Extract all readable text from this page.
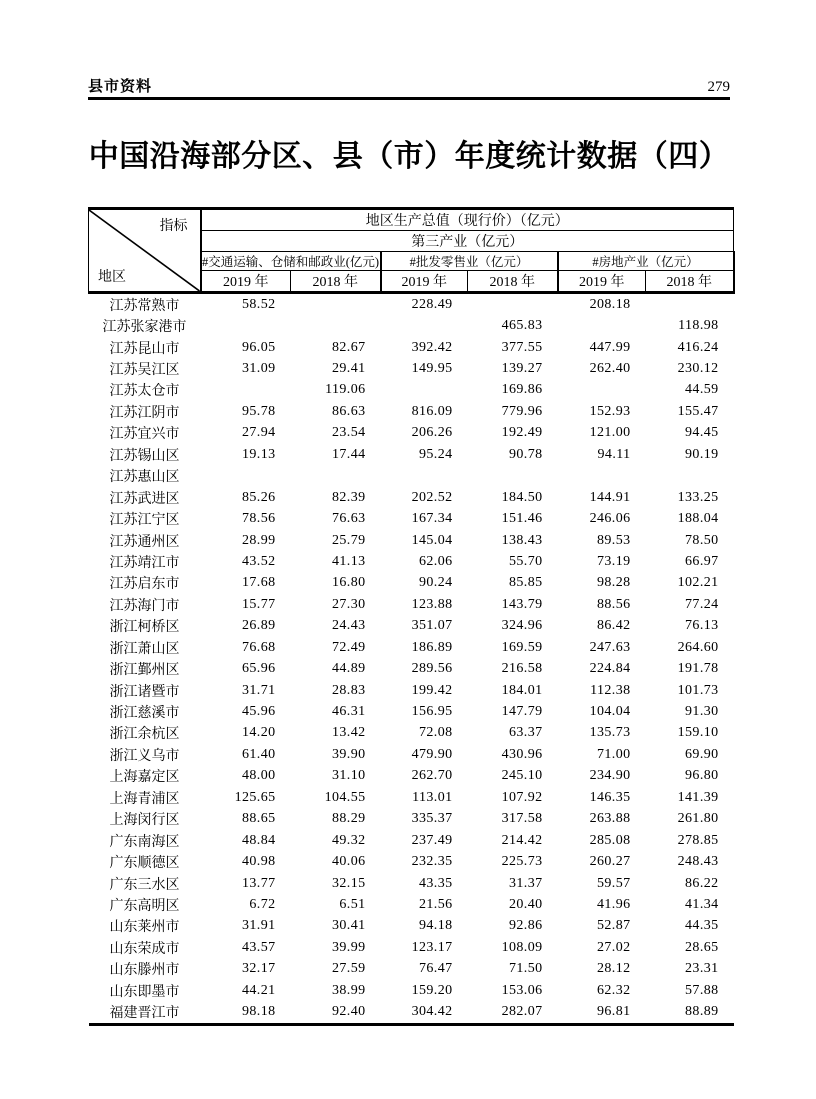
县市资料	279
中国沿海部分区、县（市）年度统计数据（四）
指标
地区	地区生产总值（现行价）（亿元）					
	第三产业（亿元）					
	#交通运输、仓储和邮政业(亿元)		#批发零售业（亿元）		#房地产业（亿元）	
	2019 年	2018 年	2019 年	2018 年	2019 年	2018 年
江苏常熟市	58.52		228.49		208.18	
江苏张家港市				465.83		118.98
江苏昆山市	96.05	82.67	392.42	377.55	447.99	416.24
江苏吴江区	31.09	29.41	149.95	139.27	262.40	230.12
江苏太仓市		119.06		169.86		44.59
江苏江阴市	95.78	86.63	816.09	779.96	152.93	155.47
江苏宜兴市	27.94	23.54	206.26	192.49	121.00	94.45
江苏锡山区	19.13	17.44	95.24	90.78	94.11	90.19
江苏惠山区						
江苏武进区	85.26	82.39	202.52	184.50	144.91	133.25
江苏江宁区	78.56	76.63	167.34	151.46	246.06	188.04
江苏通州区	28.99	25.79	145.04	138.43	89.53	78.50
江苏靖江市	43.52	41.13	62.06	55.70	73.19	66.97
江苏启东市	17.68	16.80	90.24	85.85	98.28	102.21
江苏海门市	15.77	27.30	123.88	143.79	88.56	77.24
浙江柯桥区	26.89	24.43	351.07	324.96	86.42	76.13
浙江萧山区	76.68	72.49	186.89	169.59	247.63	264.60
浙江鄞州区	65.96	44.89	289.56	216.58	224.84	191.78
浙江诸暨市	31.71	28.83	199.42	184.01	112.38	101.73
浙江慈溪市	45.96	46.31	156.95	147.79	104.04	91.30
浙江余杭区	14.20	13.42	72.08	63.37	135.73	159.10
浙江义乌市	61.40	39.90	479.90	430.96	71.00	69.90
上海嘉定区	48.00	31.10	262.70	245.10	234.90	96.80
上海青浦区	125.65	104.55	113.01	107.92	146.35	141.39
上海闵行区	88.65	88.29	335.37	317.58	263.88	261.80
广东南海区	48.84	49.32	237.49	214.42	285.08	278.85
广东顺德区	40.98	40.06	232.35	225.73	260.27	248.43
广东三水区	13.77	32.15	43.35	31.37	59.57	86.22
广东高明区	6.72	6.51	21.56	20.40	41.96	41.34
山东莱州市	31.91	30.41	94.18	92.86	52.87	44.35
山东荣成市	43.57	39.99	123.17	108.09	27.02	28.65
山东滕州市	32.17	27.59	76.47	71.50	28.12	23.31
山东即墨市	44.21	38.99	159.20	153.06	62.32	57.88
福建晋江市	98.18	92.40	304.42	282.07	96.81	88.89
